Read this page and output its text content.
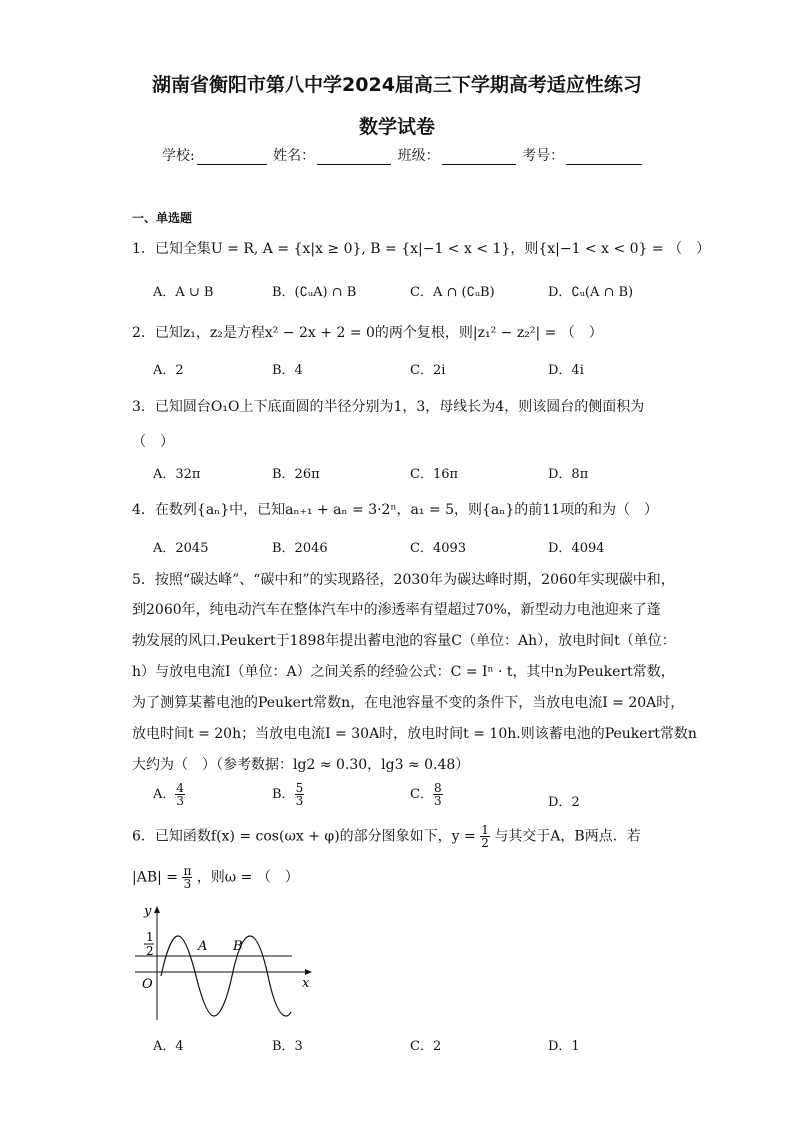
湖南省衡阳市第八中学2024届高三下学期高考适应性练习
数学试卷
学校:	姓名：	班级：	考号：
一、单选题
1．已知全集U = R, A = {x|x ≥ 0}, B = {x|−1 < x < 1}，则{x|−1 < x < 0} = （　）
A．A ∪ B	B．(∁ᵤA) ∩ B	C．A ∩ (∁ᵤB)	D．∁ᵤ(A ∩ B)
2．已知z₁，z₂是方程x² − 2x + 2 = 0的两个复根，则|z₁² − z₂²| = （　）
A．2	B．4	C．2i	D．4i
3．已知圆台O₁O上下底面圆的半径分别为1，3，母线长为4，则该圆台的侧面积为
（　）
A．32π	B．26π	C．16π	D．8π
4．在数列{aₙ}中，已知aₙ₊₁ + aₙ = 3·2ⁿ，a₁ = 5，则{aₙ}的前11项的和为（　）
A．2045	B．2046	C．4093	D．4094
5．按照“碳达峰”、“碳中和”的实现路径，2030年为碳达峰时期，2060年实现碳中和，
到2060年，纯电动汽车在整体汽车中的渗透率有望超过70%，新型动力电池迎来了蓬
勃发展的风口.Peukert于1898年提出蓄电池的容量C（单位：Ah），放电时间t（单位：
h）与放电电流I（单位：A）之间关系的经验公式：C = Iⁿ · t，其中n为Peukert常数，
为了测算某蓄电池的Peukert常数n，在电池容量不变的条件下，当放电电流I = 20A时，
放电时间t = 20h；当放电电流I = 30A时，放电时间t = 10h.则该蓄电池的Peukert常数n
大约为（　）（参考数据：lg2 ≈ 0.30，lg3 ≈ 0.48）
A． $\frac{4}{3}$	B． $\frac{5}{3}$	C． $\frac{8}{3}$	D．2
6．已知函数f(x) = cos(ωx + φ)的部分图象如下，$y = \frac{1}{2}$ 与其交于A，B两点．若
$|AB| = \frac{\pi}{3}$ ，则ω = （　）
y
x
O
1
2	A B
A．4	B．3	C．2	D．1
